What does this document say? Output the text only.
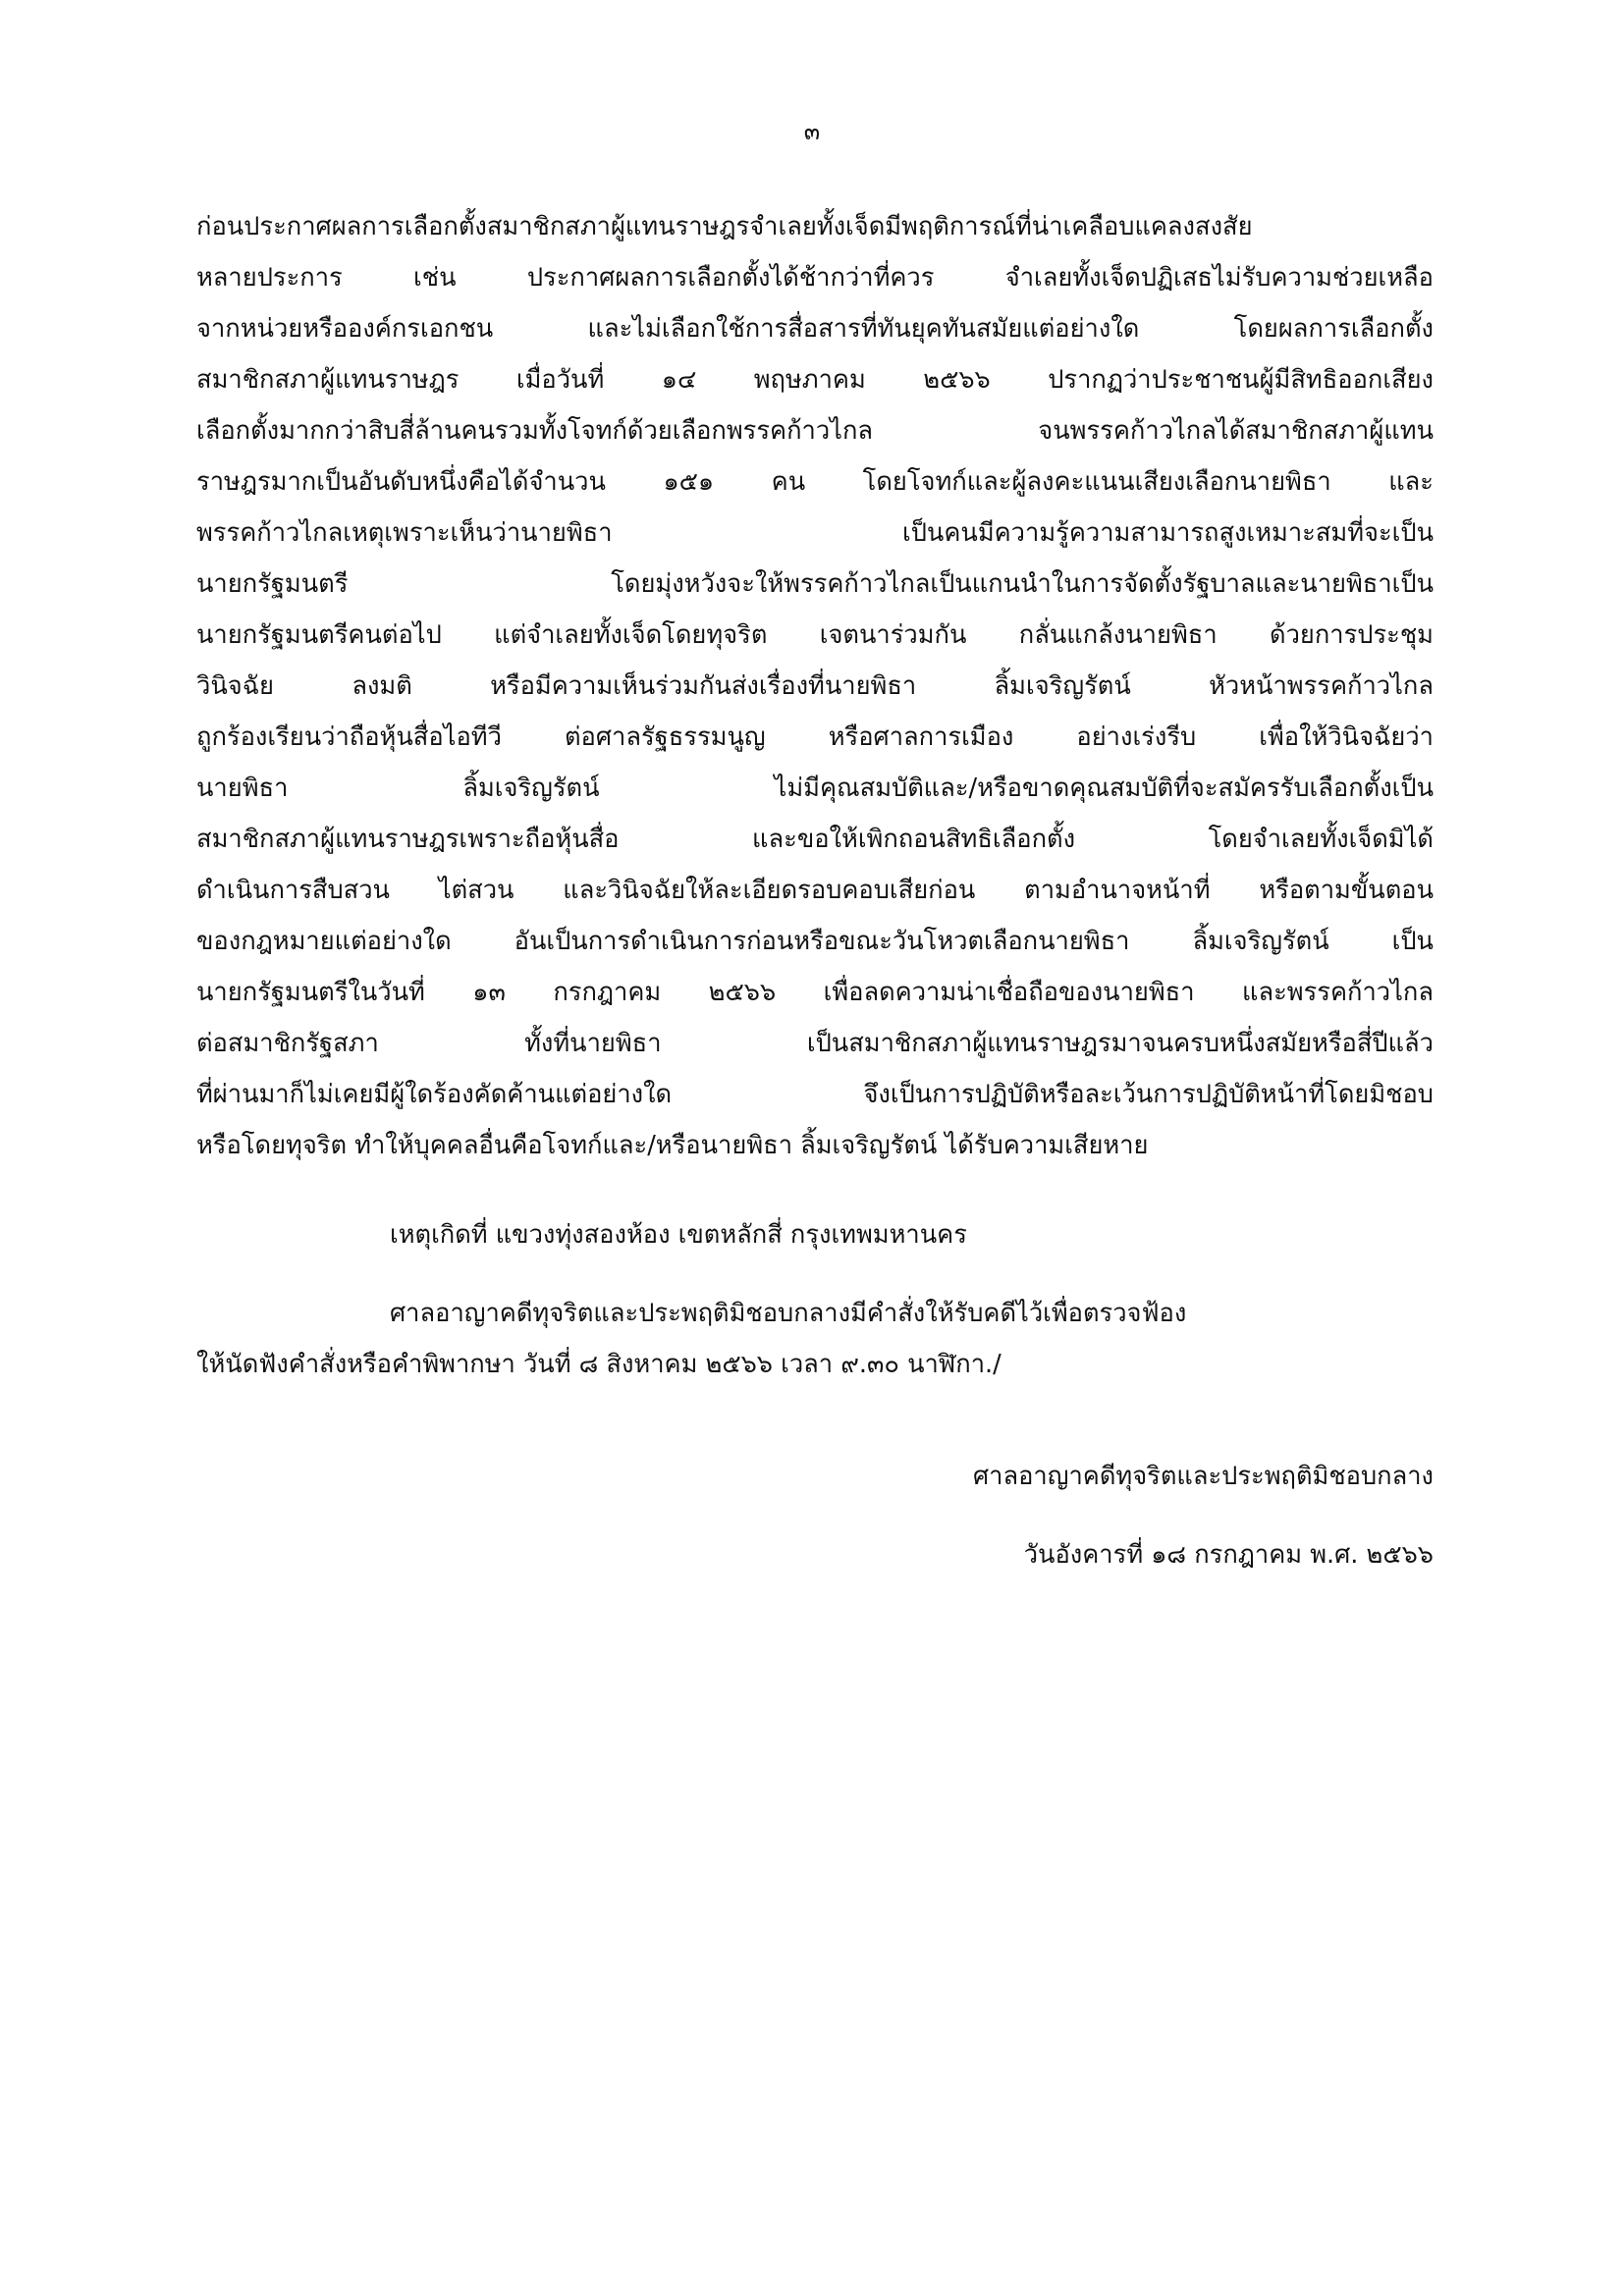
๓
ก่อนประกาศผลการเลือกตั้งสมาชิกสภาผู้แทนราษฎรจำเลยทั้งเจ็ดมีพฤติการณ์ที่น่าเคลือบแคลงสงสัย
หลายประการ เช่น ประกาศผลการเลือกตั้งได้ช้ากว่าที่ควร จำเลยทั้งเจ็ดปฏิเสธไม่รับความช่วยเหลือ
จากหน่วยหรือองค์กรเอกชน และไม่เลือกใช้การสื่อสารที่ทันยุคทันสมัยแต่อย่างใด โดยผลการเลือกตั้ง
สมาชิกสภาผู้แทนราษฎร เมื่อวันที่ ๑๔ พฤษภาคม ๒๕๖๖ ปรากฏว่าประชาชนผู้มีสิทธิออกเสียง
เลือกตั้งมากกว่าสิบสี่ล้านคนรวมทั้งโจทก์ด้วยเลือกพรรคก้าวไกล จนพรรคก้าวไกลได้สมาชิกสภาผู้แทน
ราษฎรมากเป็นอันดับหนึ่งคือได้จำนวน ๑๕๑ คน โดยโจทก์และผู้ลงคะแนนเสียงเลือกนายพิธา และ
พรรคก้าวไกลเหตุเพราะเห็นว่านายพิธา เป็นคนมีความรู้ความสามารถสูงเหมาะสมที่จะเป็น
นายกรัฐมนตรี โดยมุ่งหวังจะให้พรรคก้าวไกลเป็นแกนนำในการจัดตั้งรัฐบาลและนายพิธาเป็น
นายกรัฐมนตรีคนต่อไป แต่จำเลยทั้งเจ็ดโดยทุจริต เจตนาร่วมกัน กลั่นแกล้งนายพิธา ด้วยการประชุม
วินิจฉัย ลงมติ หรือมีความเห็นร่วมกันส่งเรื่องที่นายพิธา ลิ้มเจริญรัตน์ หัวหน้าพรรคก้าวไกล
ถูกร้องเรียนว่าถือหุ้นสื่อไอทีวี ต่อศาลรัฐธรรมนูญ หรือศาลการเมือง อย่างเร่งรีบ เพื่อให้วินิจฉัยว่า
นายพิธา ลิ้มเจริญรัตน์ ไม่มีคุณสมบัติและ/หรือขาดคุณสมบัติที่จะสมัครรับเลือกตั้งเป็น
สมาชิกสภาผู้แทนราษฎรเพราะถือหุ้นสื่อ และขอให้เพิกถอนสิทธิเลือกตั้ง โดยจำเลยทั้งเจ็ดมิได้
ดำเนินการสืบสวน ไต่สวน และวินิจฉัยให้ละเอียดรอบคอบเสียก่อน ตามอำนาจหน้าที่ หรือตามขั้นตอน
ของกฎหมายแต่อย่างใด อันเป็นการดำเนินการก่อนหรือขณะวันโหวตเลือกนายพิธา ลิ้มเจริญรัตน์ เป็น
นายกรัฐมนตรีในวันที่ ๑๓ กรกฎาคม ๒๕๖๖ เพื่อลดความน่าเชื่อถือของนายพิธา และพรรคก้าวไกล
ต่อสมาชิกรัฐสภา ทั้งที่นายพิธา เป็นสมาชิกสภาผู้แทนราษฎรมาจนครบหนึ่งสมัยหรือสี่ปีแล้ว
ที่ผ่านมาก็ไม่เคยมีผู้ใดร้องคัดค้านแต่อย่างใด จึงเป็นการปฏิบัติหรือละเว้นการปฏิบัติหน้าที่โดยมิชอบ
หรือโดยทุจริต ทำให้บุคคลอื่นคือโจทก์และ/หรือนายพิธา ลิ้มเจริญรัตน์ ได้รับความเสียหาย
เหตุเกิดที่ แขวงทุ่งสองห้อง เขตหลักสี่ กรุงเทพมหานคร
ศาลอาญาคดีทุจริตและประพฤติมิชอบกลางมีคำสั่งให้รับคดีไว้เพื่อตรวจฟ้อง
ให้นัดฟังคำสั่งหรือคำพิพากษา วันที่ ๘ สิงหาคม ๒๕๖๖ เวลา ๙.๓๐ นาฬิกา./
ศาลอาญาคดีทุจริตและประพฤติมิชอบกลาง
วันอังคารที่ ๑๘ กรกฎาคม พ.ศ. ๒๕๖๖
